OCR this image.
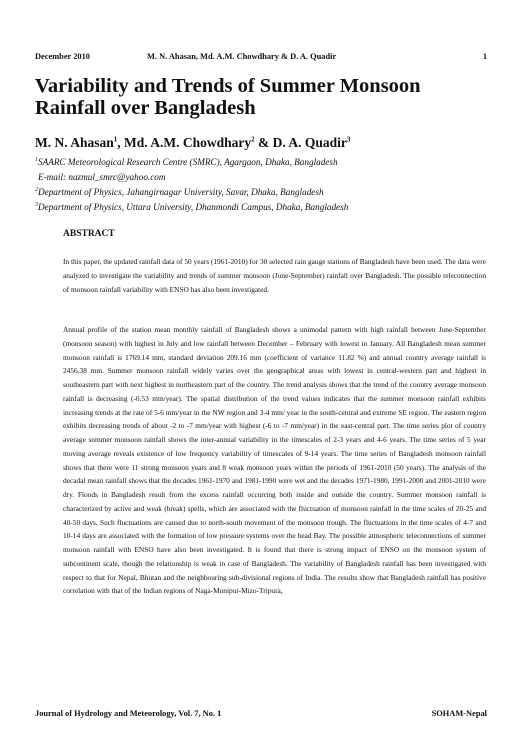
December 2010	M. N. Ahasan, Md. A.M. Chowdhary & D. A. Quadir	1
Variability and Trends of Summer Monsoon Rainfall over Bangladesh
M. N. Ahasan$^1$, Md. A.M. Chowdhary$^2$ & D. A. Quadir$^3$
$^1$SAARC Meteorological Research Centre (SMRC), Agargaon, Dhaka, Bangladesh
E-mail: nazmul_smrc@yahoo.com
$^2$Department of Physics, Jahangirnagar University, Savar, Dhaka, Bangladesh
$^3$Department of Physics, Uttara University, Dhanmondi Campus, Dhaka, Bangladesh
ABSTRACT

In this paper, the updated rainfall data of 50 years (1961-2010) for 30 selected rain gauge stations of Bangladesh have been used. The data were analyzed to investigate the variability and trends of summer monsoon (June-September) rainfall over Bangladesh. The possible teleconnection of monsoon rainfall variability with ENSO has also been investigated.

Annual profile of the station mean monthly rainfall of Bangladesh shows a unimodal pattern with high rainfall between June-September (monsoon season) with highest in July and low rainfall between December – February with lowest in January. All Bangladesh mean summer monsoon rainfall is 1769.14 mm, standard deviation 209.16 mm (coefficient of variance 11.82 %) and annual country average rainfall is 2456.38 mm. Summer monsoon rainfall widely varies over the geographical areas with lowest in central-western part and highest in southeastern part with next highest in northeastern part of the country. The trend analysis shows that the trend of the country average monsoon rainfall is decreasing (-0.53 mm/year). The spatial distribution of the trend values indicates that the summer monsoon rainfall exhibits increasing trends at the rate of 5-6 mm/year in the NW region and 3-4 mm/ year in the south-central and extreme SE region. The eastern region exhibits decreasing trends of about -2 to -7 mm/year with highest (-6 to -7 mm/year) in the east-central part. The time series plot of country average summer monsoon rainfall shows the inter-annual variability in the timescales of 2-3 years and 4-6 years. The time series of 5 year moving average reveals existence of low frequency variability of timescales of 9-14 years. The time series of Bangladesh monsoon rainfall shows that there were 11 strong monsoon years and 8 weak monsoon years within the periods of 1961-2010 (50 years). The analysis of the decadal mean rainfall shows that the decades 1961-1970 and 1981-1990 were wet and the decades 1971-1980, 1991-2000 and 2001-2010 were dry. Floods in Bangladesh result from the excess rainfall occurring both inside and outside the country. Summer monsoon rainfall is characterized by active and weak (break) spells, which are associated with the fluctuation of monsoon rainfall in the time scales of 20-25 and 40-50 days. Such fluctuations are caused due to north-south movement of the monsoon trough. The fluctuations in the time scales of 4-7 and 10-14 days are associated with the formation of low pressure systems over the head Bay. The possible atmospheric teleconnections of summer monsoon rainfall with ENSO have also been investigated. It is found that there is strong impact of ENSO on the monsoon system of subcontinent scale, though the relationship is weak in case of Bangladesh. The variability of Bangladesh rainfall has been investigated with respect to that for Nepal, Bhutan and the neighbouring sub-divisional regions of India. The results show that Bangladesh rainfall has positive correlation with that of the Indian regions of Naga-Monipur-Mizo-Tripura,

Journal of Hydrology and Meteorology, Vol. 7, No. 1	SOHAM-Nepal
